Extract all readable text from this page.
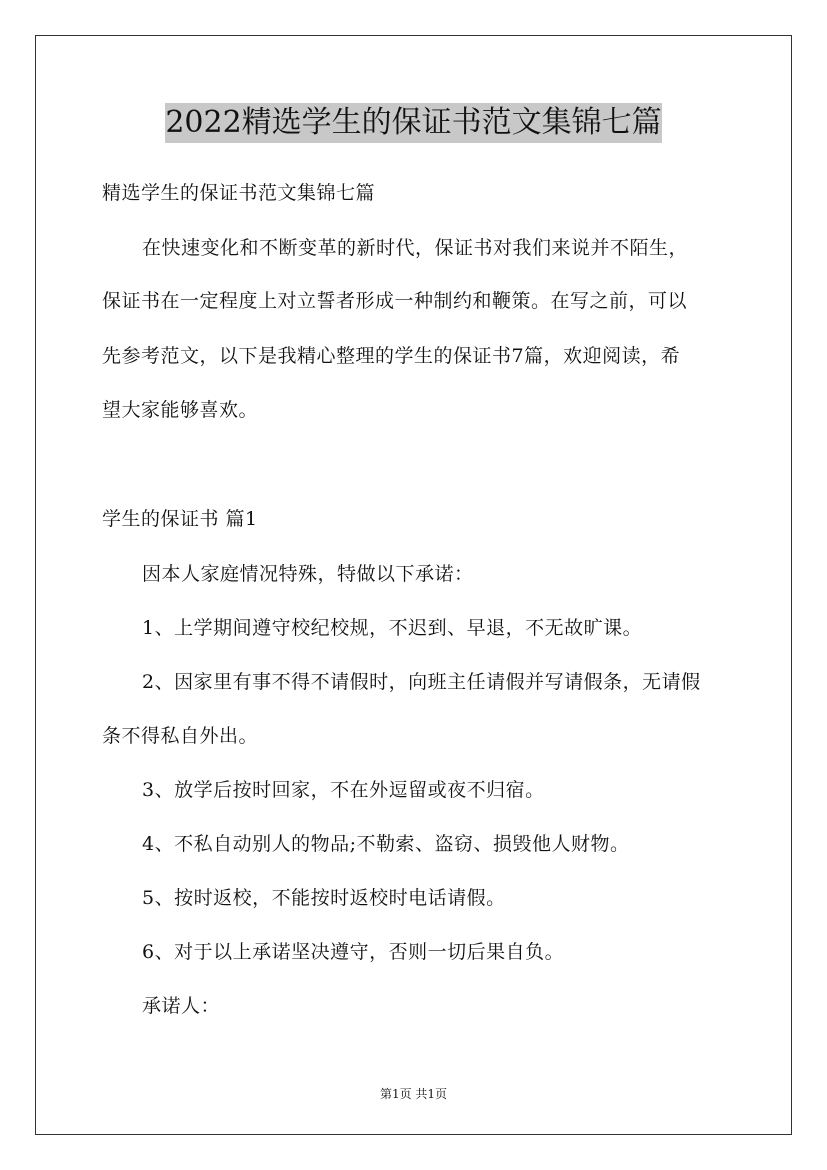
2022精选学生的保证书范文集锦七篇
精选学生的保证书范文集锦七篇
在快速变化和不断变革的新时代，保证书对我们来说并不陌生，
保证书在一定程度上对立誓者形成一种制约和鞭策。在写之前，可以
先参考范文，以下是我精心整理的学生的保证书7篇，欢迎阅读，希
望大家能够喜欢。
学生的保证书 篇1
因本人家庭情况特殊，特做以下承诺：
1、上学期间遵守校纪校规，不迟到、早退，不无故旷课。
2、因家里有事不得不请假时，向班主任请假并写请假条，无请假
条不得私自外出。
3、放学后按时回家，不在外逗留或夜不归宿。
4、不私自动别人的物品;不勒索、盗窃、损毁他人财物。
5、按时返校，不能按时返校时电话请假。
6、对于以上承诺坚决遵守，否则一切后果自负。
承诺人：
第1页 共1页
